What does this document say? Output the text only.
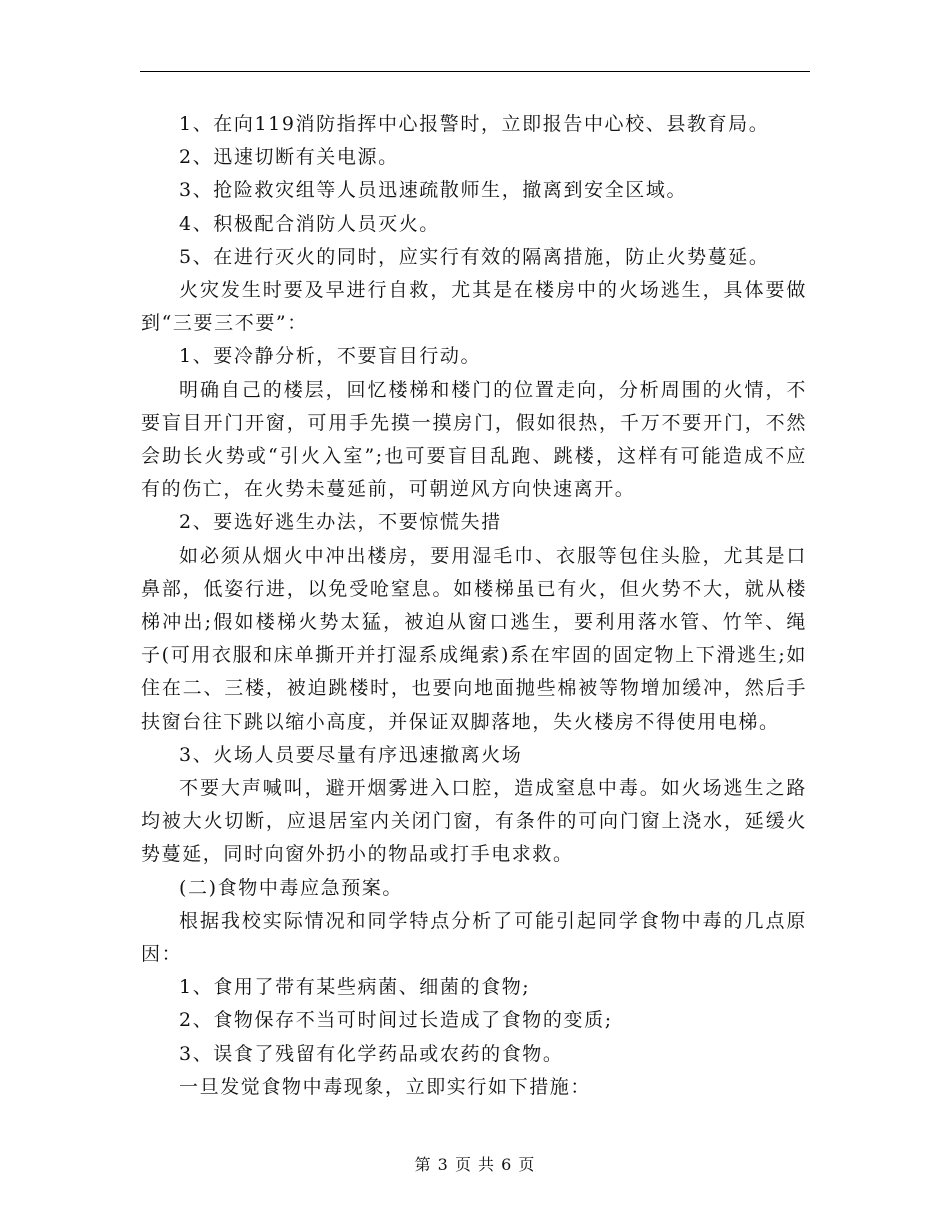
1、在向119消防指挥中心报警时，立即报告中心校、县教育局。

2、迅速切断有关电源。

3、抢险救灾组等人员迅速疏散师生，撤离到安全区域。

4、积极配合消防人员灭火。

5、在进行灭火的同时，应实行有效的隔离措施，防止火势蔓延。

火灾发生时要及早进行自救，尤其是在楼房中的火场逃生，具体要做到“三要三不要”：

1、要冷静分析，不要盲目行动。

明确自己的楼层，回忆楼梯和楼门的位置走向，分析周围的火情，不要盲目开门开窗，可用手先摸一摸房门，假如很热，千万不要开门，不然会助长火势或“引火入室”;也可要盲目乱跑、跳楼，这样有可能造成不应有的伤亡，在火势未蔓延前，可朝逆风方向快速离开。

2、要选好逃生办法，不要惊慌失措

如必须从烟火中冲出楼房，要用湿毛巾、衣服等包住头脸，尤其是口鼻部，低姿行进，以免受呛窒息。如楼梯虽已有火，但火势不大，就从楼梯冲出;假如楼梯火势太猛，被迫从窗口逃生，要利用落水管、竹竿、绳子(可用衣服和床单撕开并打湿系成绳索)系在牢固的固定物上下滑逃生;如住在二、三楼，被迫跳楼时，也要向地面抛些棉被等物增加缓冲，然后手扶窗台往下跳以缩小高度，并保证双脚落地，失火楼房不得使用电梯。

3、火场人员要尽量有序迅速撤离火场

不要大声喊叫，避开烟雾进入口腔，造成窒息中毒。如火场逃生之路均被大火切断，应退居室内关闭门窗，有条件的可向门窗上浇水，延缓火势蔓延，同时向窗外扔小的物品或打手电求救。

(二)食物中毒应急预案。

根据我校实际情况和同学特点分析了可能引起同学食物中毒的几点原因：

1、食用了带有某些病菌、细菌的食物;

2、食物保存不当可时间过长造成了食物的变质;

3、误食了残留有化学药品或农药的食物。

一旦发觉食物中毒现象，立即实行如下措施：

第 3 页 共 6 页
